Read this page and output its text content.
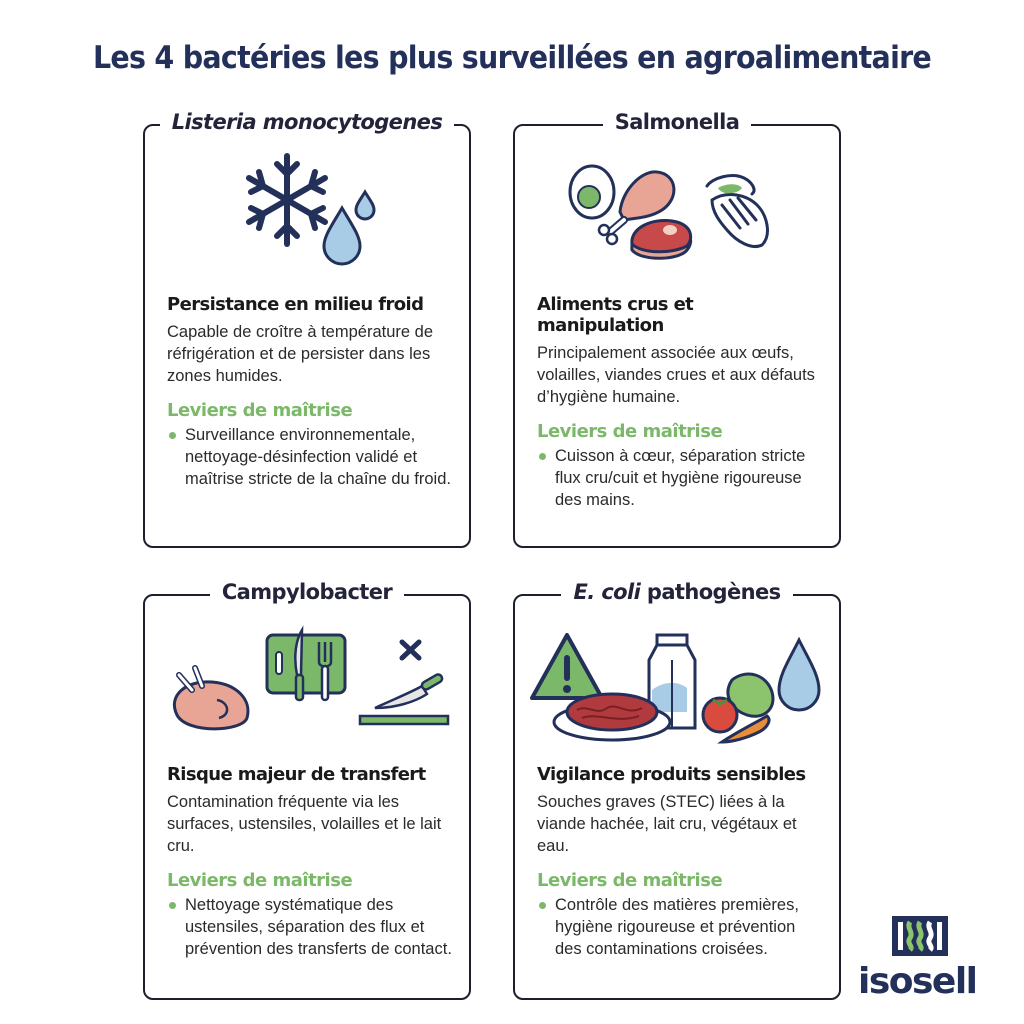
Les 4 bactéries les plus surveillées en agroalimentaire
Listeria monocytogenes
Persistance en milieu froid
Capable de croître à température de réfrigération et de persister dans les zones humides.
Leviers de maîtrise
Surveillance environnementale, nettoyage-désinfection validé et maîtrise stricte de la chaîne du froid.
Salmonella
Aliments crus et manipulation
Principalement associée aux œufs, volailles, viandes crues et aux défauts d’hygiène humaine.
Leviers de maîtrise
Cuisson à cœur, séparation stricte flux cru/cuit et hygiène rigoureuse des mains.
Campylobacter
Risque majeur de transfert
Contamination fréquente via les surfaces, ustensiles, volailles et le lait cru.
Leviers de maîtrise
Nettoyage systématique des ustensiles, séparation des flux et prévention des transferts de contact.
E. coli pathogènes
Vigilance produits sensibles
Souches graves (STEC) liées à la viande hachée, lait cru, végétaux et eau.
Leviers de maîtrise
Contrôle des matières premières, hygiène rigoureuse et prévention des contaminations croisées.
isosell
